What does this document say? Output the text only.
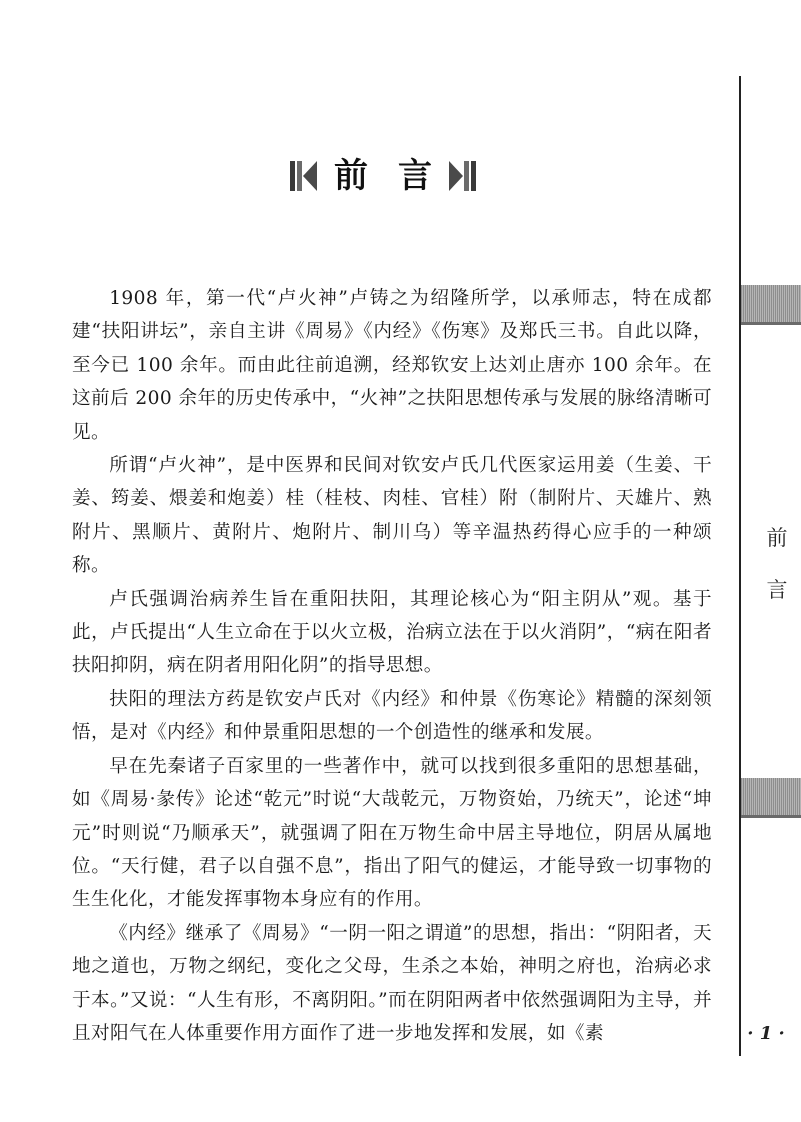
前言

1908 年，第一代“卢火神”卢铸之为绍隆所学，以承师志，特在成都建“扶阳讲坛”，亲自主讲《周易》《内经》《伤寒》及郑氏三书。自此以降，至今已 100 余年。而由此往前追溯，经郑钦安上达刘止唐亦 100 余年。在这前后 200 余年的历史传承中，“火神”之扶阳思想传承与发展的脉络清晰可见。

所谓“卢火神”，是中医界和民间对钦安卢氏几代医家运用姜（生姜、干姜、筠姜、煨姜和炮姜）桂（桂枝、肉桂、官桂）附（制附片、天雄片、熟附片、黑顺片、黄附片、炮附片、制川乌）等辛温热药得心应手的一种颂称。

卢氏强调治病养生旨在重阳扶阳，其理论核心为“阳主阴从”观。基于此，卢氏提出“人生立命在于以火立极，治病立法在于以火消阴”，“病在阳者扶阳抑阴，病在阴者用阳化阴”的指导思想。

扶阳的理法方药是钦安卢氏对《内经》和仲景《伤寒论》精髓的深刻领悟，是对《内经》和仲景重阳思想的一个创造性的继承和发展。

早在先秦诸子百家里的一些著作中，就可以找到很多重阳的思想基础，如《周易·彖传》论述“乾元”时说“大哉乾元，万物资始，乃统天”，论述“坤元”时则说“乃顺承天”，就强调了阳在万物生命中居主导地位，阴居从属地位。“天行健，君子以自强不息”，指出了阳气的健运，才能导致一切事物的生生化化，才能发挥事物本身应有的作用。

《内经》继承了《周易》“一阴一阳之谓道”的思想，指出：“阴阳者，天地之道也，万物之纲纪，变化之父母，生杀之本始，神明之府也，治病必求于本。”又说：“人生有形，不离阴阳。”而在阴阳两者中依然强调阳为主导，并且对阳气在人体重要作用方面作了进一步地发挥和发展，如《素

前
言
· 1 ·
